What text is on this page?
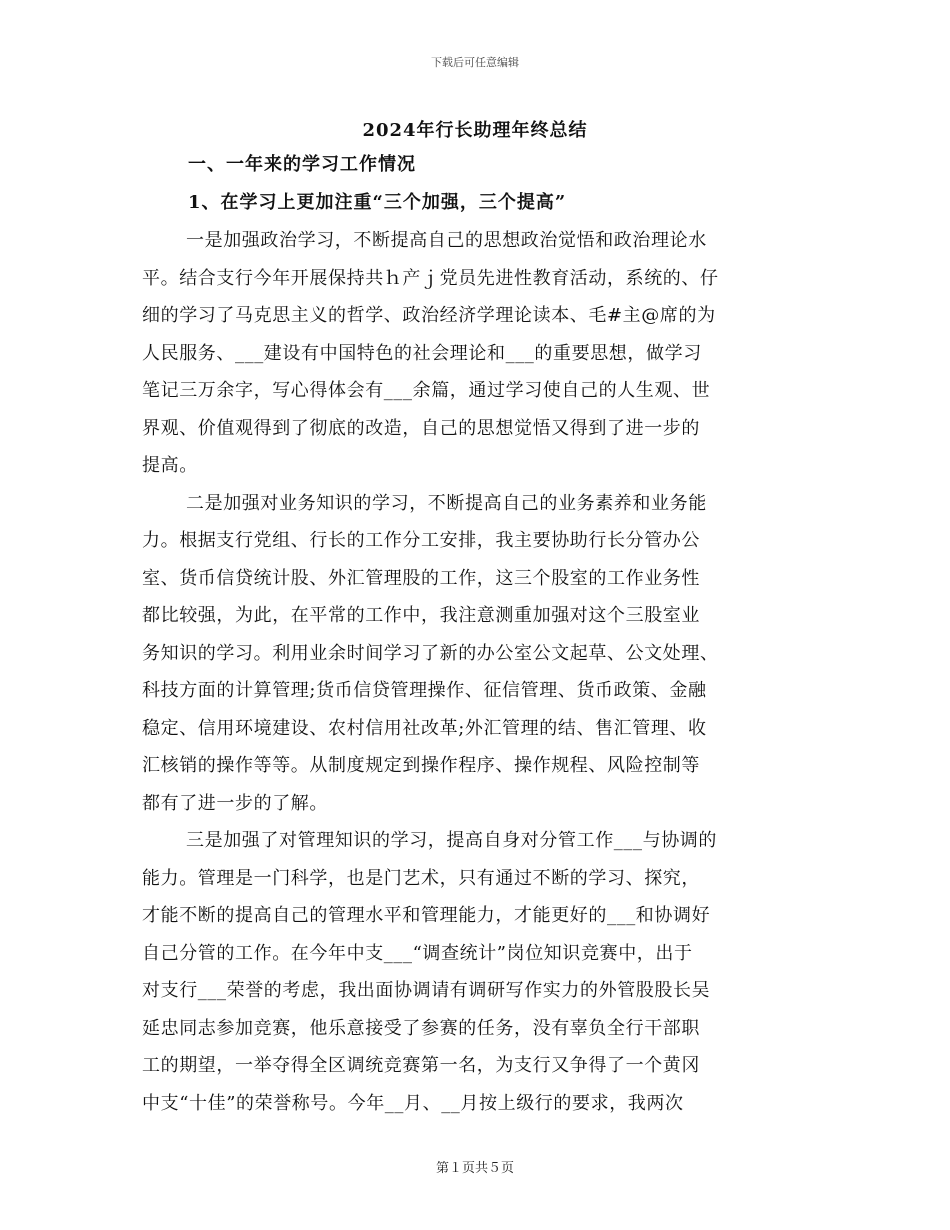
下载后可任意编辑
2024年行长助理年终总结
一、一年来的学习工作情况
1、在学习上更加注重“三个加强，三个提高”
一是加强政治学习，不断提高自己的思想政治觉悟和政治理论水
平。结合支行今年开展保持共ｈ产ｊ党员先进性教育活动，系统的、仔
细的学习了马克思主义的哲学、政治经济学理论读本、毛#主@席的为
人民服务、___建设有中国特色的社会理论和___的重要思想，做学习
笔记三万余字，写心得体会有___余篇，通过学习使自己的人生观、世
界观、价值观得到了彻底的改造，自己的思想觉悟又得到了进一步的
提高。
二是加强对业务知识的学习，不断提高自己的业务素养和业务能
力。根据支行党组、行长的工作分工安排，我主要协助行长分管办公
室、货币信贷统计股、外汇管理股的工作，这三个股室的工作业务性
都比较强，为此，在平常的工作中，我注意测重加强对这个三股室业
务知识的学习。利用业余时间学习了新的办公室公文起草、公文处理、
科技方面的计算管理;货币信贷管理操作、征信管理、货币政策、金融
稳定、信用环境建设、农村信用社改革;外汇管理的结、售汇管理、收
汇核销的操作等等。从制度规定到操作程序、操作规程、风险控制等
都有了进一步的了解。
三是加强了对管理知识的学习，提高自身对分管工作___与协调的
能力。管理是一门科学，也是门艺术，只有通过不断的学习、探究，
才能不断的提高自己的管理水平和管理能力，才能更好的___和协调好
自己分管的工作。在今年中支___“调查统计”岗位知识竞赛中，出于
对支行___荣誉的考虑，我出面协调请有调研写作实力的外管股股长吴
延忠同志参加竞赛，他乐意接受了参赛的任务，没有辜负全行干部职
工的期望，一举夺得全区调统竞赛第一名，为支行又争得了一个黄冈
中支“十佳”的荣誉称号。今年__月、__月按上级行的要求，我两次
第１页共５页
